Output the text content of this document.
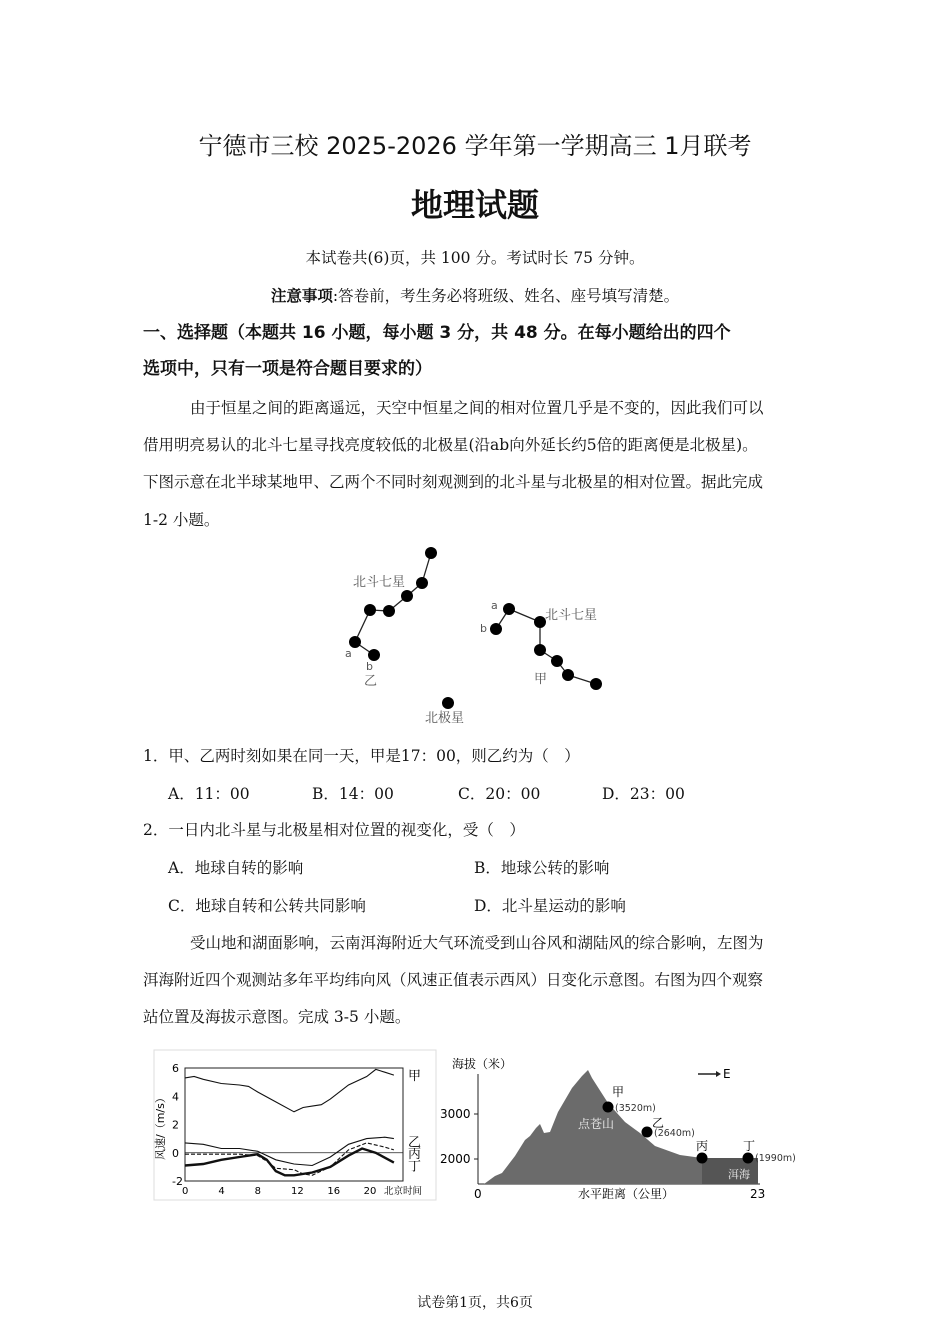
宁德市三校 2025-2026 学年第一学期高三 1月联考
地理试题
本试卷共(6)页，共 100 分。考试时长 75 分钟。
注意事项:答卷前，考生务必将班级、姓名、座号填写清楚。
一、选择题（本题共 16 小题，每小题 3 分，共 48 分。在每小题给出的四个
选项中，只有一项是符合题目要求的）
由于恒星之间的距离遥远，天空中恒星之间的相对位置几乎是不变的，因此我们可以
借用明亮易认的北斗七星寻找亮度较低的北极星(沿ab向外延长约5倍的距离便是北极星)。
下图示意在北半球某地甲、乙两个不同时刻观测到的北斗星与北极星的相对位置。据此完成
1-2 小题。
北斗七星
北斗七星
a
b
乙
a
b
甲
北极星
1．甲、乙两时刻如果在同一天，甲是17：00，则乙约为（　）
A．11：00	B．14：00	C．20：00	D．23：00
2．一日内北斗星与北极星相对位置的视变化，受（　）
A．地球自转的影响	B．地球公转的影响
C．地球自转和公转共同影响	D．北斗星运动的影响
受山地和湖面影响，云南洱海附近大气环流受到山谷风和湖陆风的综合影响，左图为
洱海附近四个观测站多年平均纬向风（风速正值表示西风）日变化示意图。右图为四个观察
站位置及海拔示意图。完成 3-5 小题。
6
4
2
0
-2
0	4	8	12 16 20
甲
乙
丙
丁
风速/（m/s）
北京时间
海拔（米）
3000
2000
点苍山
洱海
E
甲
乙
丙	丁
(3520m)
(2640m)
(1990m)
0	23
水平距离（公里）
试卷第1页，共6页
